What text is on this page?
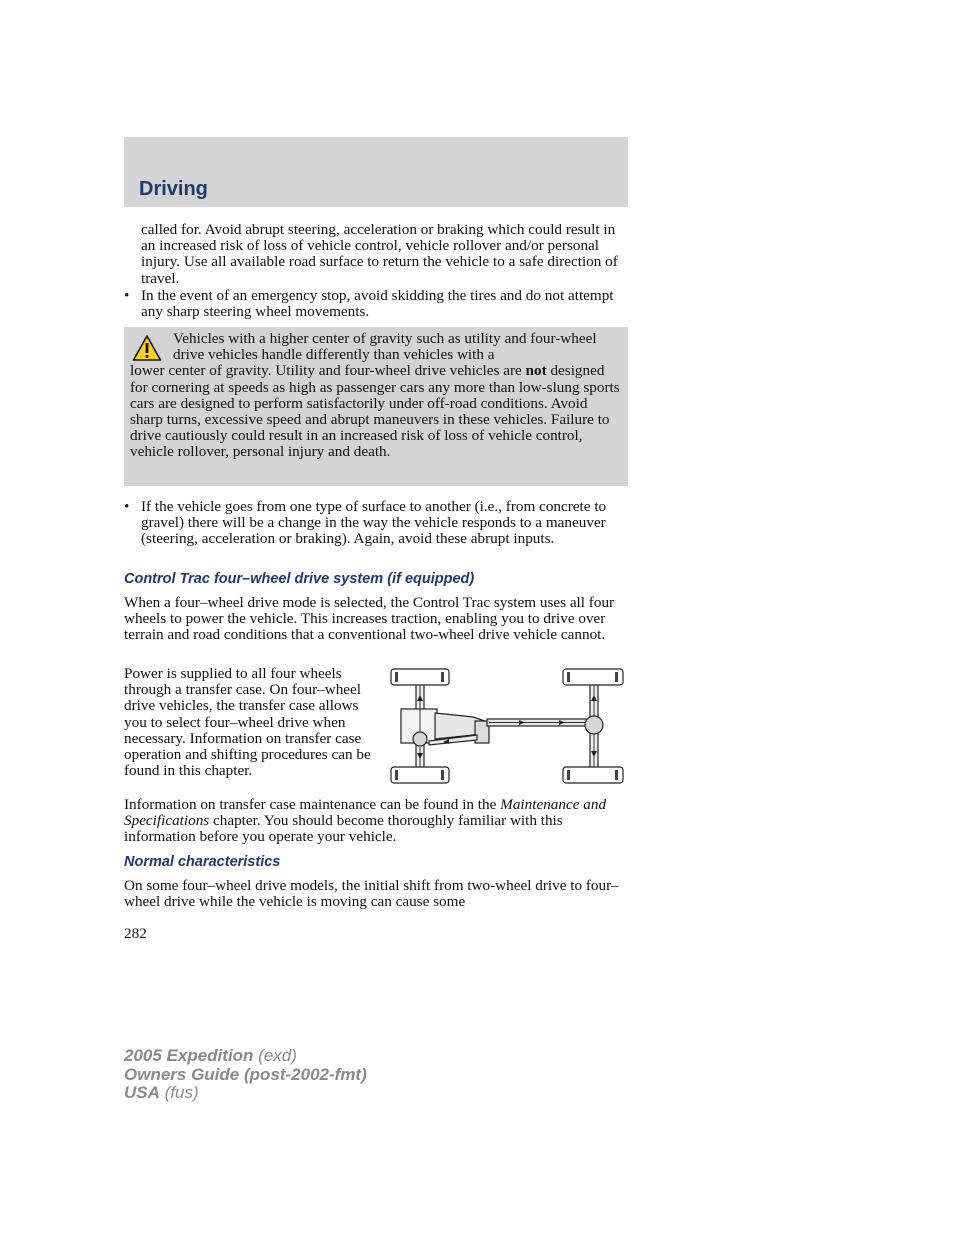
Driving

called for. Avoid abrupt steering, acceleration or braking which could result in an increased risk of loss of vehicle control, vehicle rollover and/or personal injury. Use all available road surface to return the vehicle to a safe direction of travel.

• In the event of an emergency stop, avoid skidding the tires and do not attempt any sharp steering wheel movements.

Vehicles with a higher center of gravity such as utility and four-wheel drive vehicles handle differently than vehicles with a
lower center of gravity. Utility and four-wheel drive vehicles are not designed for cornering at speeds as high as passenger cars any more than low-slung sports cars are designed to perform satisfactorily under off-road conditions. Avoid sharp turns, excessive speed and abrupt maneuvers in these vehicles. Failure to drive cautiously could result in an increased risk of loss of vehicle control, vehicle rollover, personal injury and death.

• If the vehicle goes from one type of surface to another (i.e., from concrete to gravel) there will be a change in the way the vehicle responds to a maneuver (steering, acceleration or braking). Again, avoid these abrupt inputs.

Control Trac four–wheel drive system (if equipped)

When a four–wheel drive mode is selected, the Control Trac system uses all four wheels to power the vehicle. This increases traction, enabling you to drive over terrain and road conditions that a conventional two-wheel drive vehicle cannot.

Power is supplied to all four wheels through a transfer case. On four–wheel drive vehicles, the transfer case allows you to select four–wheel drive when necessary. Information on transfer case operation and shifting procedures can be found in this chapter.

Information on transfer case maintenance can be found in the Maintenance and Specifications chapter. You should become thoroughly familiar with this information before you operate your vehicle.

Normal characteristics

On some four–wheel drive models, the initial shift from two-wheel drive to four–wheel drive while the vehicle is moving can cause some

282
2005 Expedition (exd)
Owners Guide (post-2002-fmt)
USA (fus)
